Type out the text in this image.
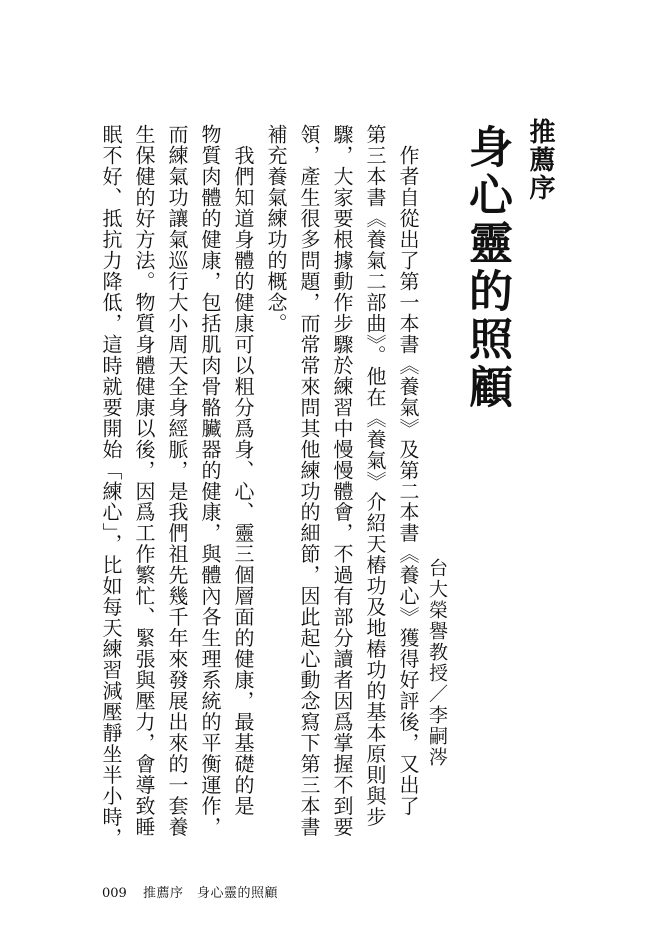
推薦序
身心靈的照顧
台大榮譽教授／李嗣涔
　作者自從出了第一本書《養氣》及第二本書《養心》獲得好評後，又出了
第三本書《養氣二部曲》。他在《養氣》介紹天樁功及地樁功的基本原則與步
驟，大家要根據動作步驟於練習中慢慢體會，不過有部分讀者因爲掌握不到要
領，產生很多問題，而常常來問其他練功的細節，因此起心動念寫下第三本書
補充養氣練功的概念。
　我們知道身體的健康可以粗分爲身、心、靈三個層面的健康，最基礎的是
物質肉體的健康，包括肌肉骨骼臟器的健康，與體內各生理系統的平衡運作，
而練氣功讓氣巡行大小周天全身經脈，是我們祖先幾千年來發展出來的一套養
生保健的好方法。物質身體健康以後，因爲工作繁忙、緊張與壓力，會導致睡
眠不好、抵抗力降低，這時就要開始「練心」，比如每天練習減壓靜坐半小時，
009 推薦序　身心靈的照顧
